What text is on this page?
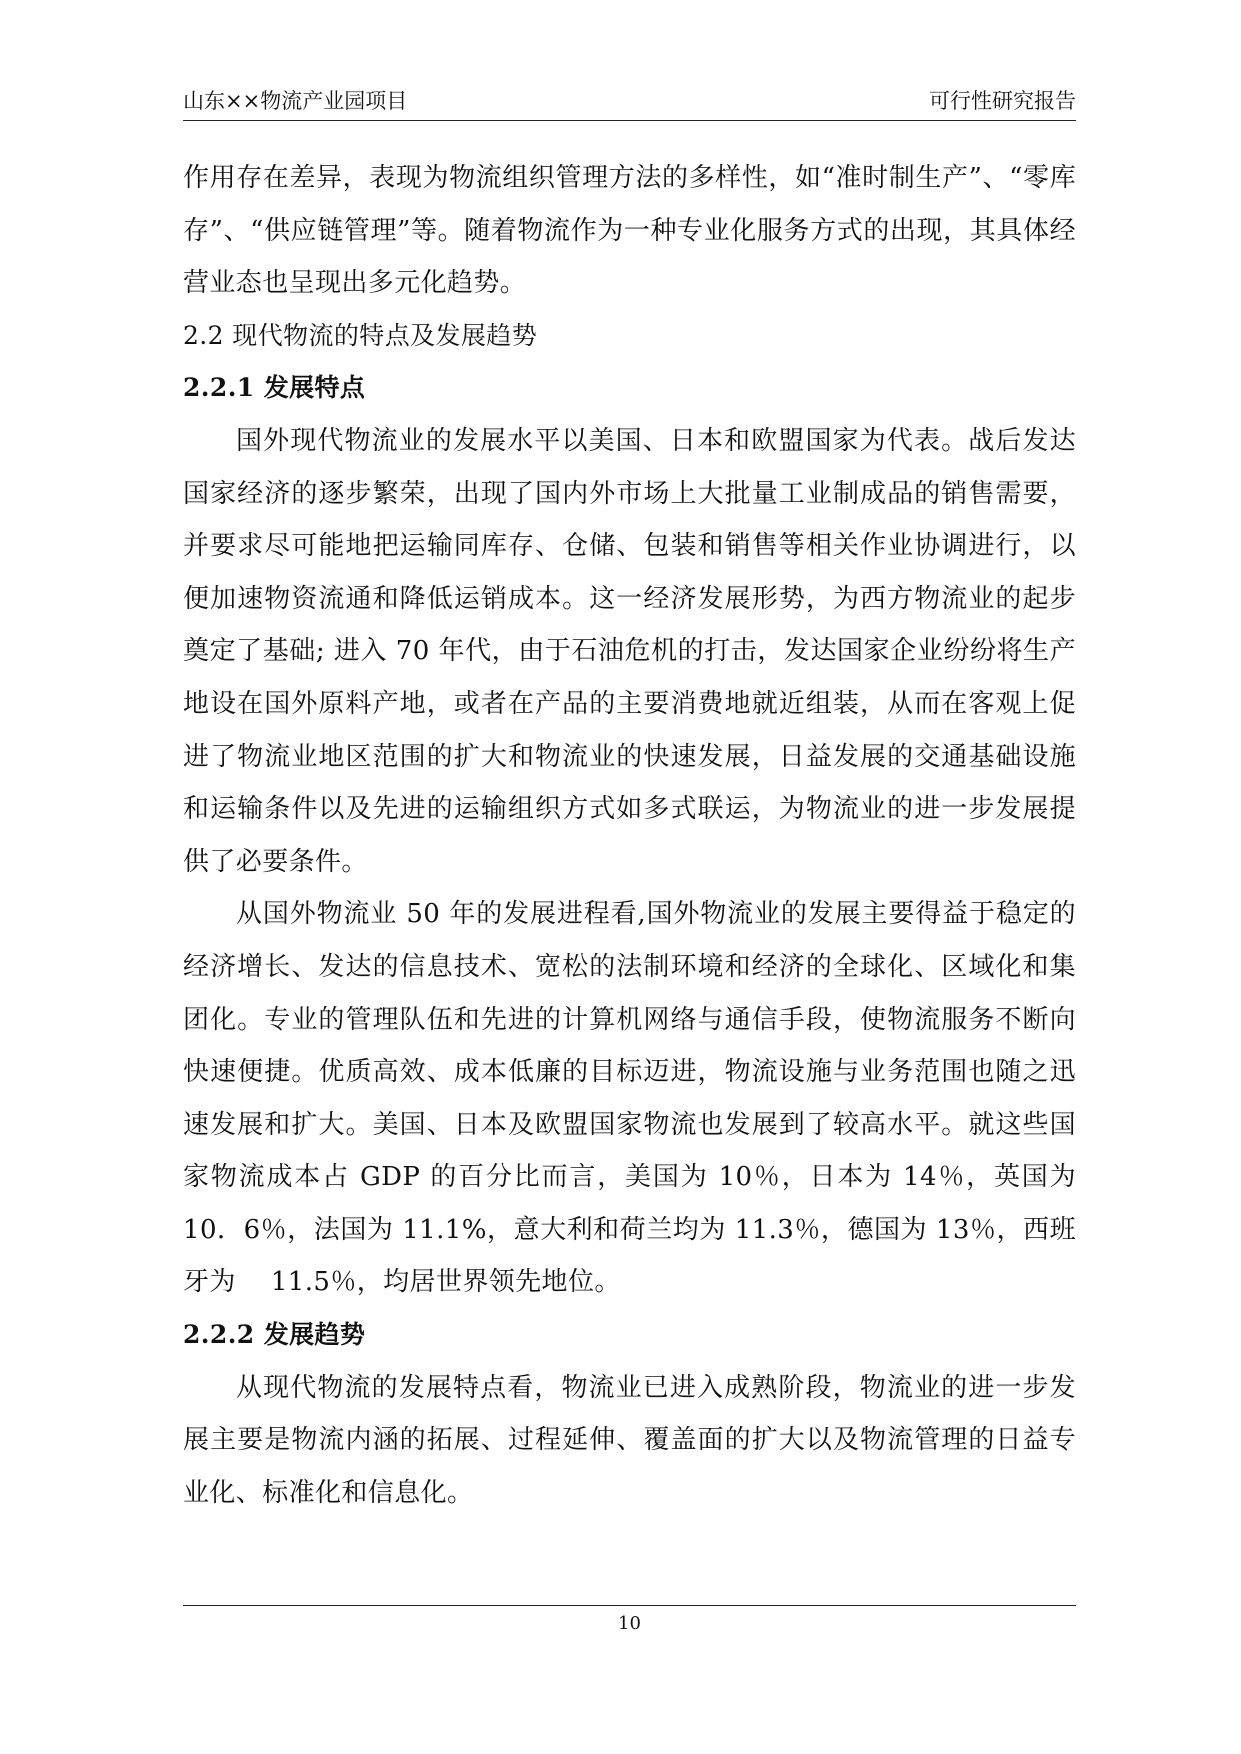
山东××物流产业园项目	可行性研究报告

作用存在差异，表现为物流组织管理方法的多样性，如“准时制生产”、“零库存”、“供应链管理”等。随着物流作为一种专业化服务方式的出现，其具体经营业态也呈现出多元化趋势。

2.2 现代物流的特点及发展趋势

2.2.1 发展特点

国外现代物流业的发展水平以美国、日本和欧盟国家为代表。战后发达国家经济的逐步繁荣，出现了国内外市场上大批量工业制成品的销售需要，并要求尽可能地把运输同库存、仓储、包装和销售等相关作业协调进行，以便加速物资流通和降低运销成本。这一经济发展形势，为西方物流业的起步奠定了基础; 进入 70 年代，由于石油危机的打击，发达国家企业纷纷将生产地设在国外原料产地，或者在产品的主要消费地就近组装，从而在客观上促进了物流业地区范围的扩大和物流业的快速发展，日益发展的交通基础设施和运输条件以及先进的运输组织方式如多式联运，为物流业的进一步发展提供了必要条件。

从国外物流业 50 年的发展进程看,国外物流业的发展主要得益于稳定的经济增长、发达的信息技术、宽松的法制环境和经济的全球化、区域化和集团化。专业的管理队伍和先进的计算机网络与通信手段，使物流服务不断向快速便捷。优质高效、成本低廉的目标迈进，物流设施与业务范围也随之迅速发展和扩大。美国、日本及欧盟国家物流也发展到了较高水平。就这些国家物流成本占 GDP 的百分比而言，美国为 10％，日本为 14％，英国为 10．6％，法国为 11.1%，意大利和荷兰均为 11.3％，德国为 13％，西班牙为　 11.5％，均居世界领先地位。

2.2.2 发展趋势

从现代物流的发展特点看，物流业已进入成熟阶段，物流业的进一步发展主要是物流内涵的拓展、过程延伸、覆盖面的扩大以及物流管理的日益专业化、标准化和信息化。

10
